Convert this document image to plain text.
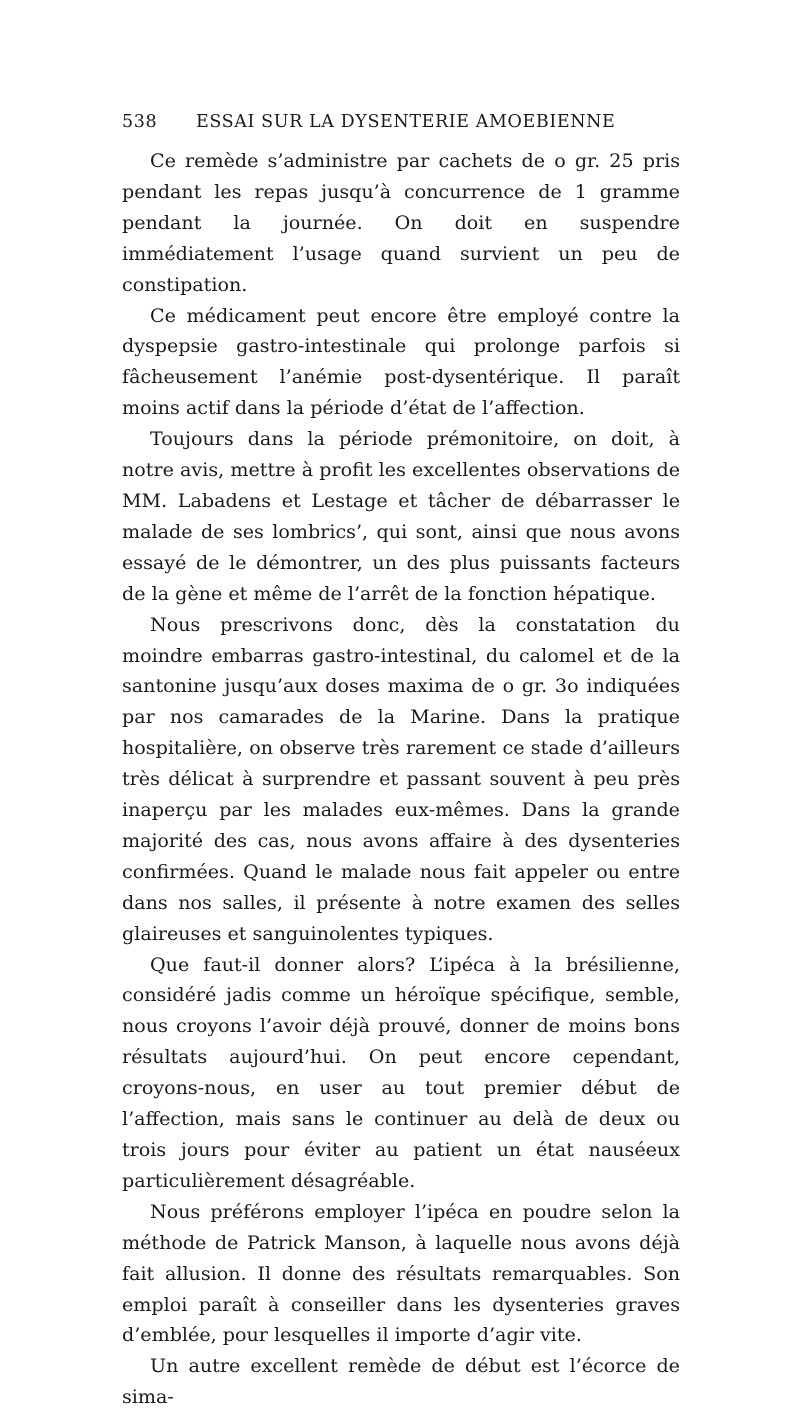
538	ESSAI SUR LA DYSENTERIE AMOEBIENNE

Ce remède s’administre par cachets de o gr. 25 pris pendant les repas jusqu’à concurrence de 1 gramme pendant la journée. On doit en suspendre immédiatement l’usage quand survient un peu de constipation.

Ce médicament peut encore être employé contre la dyspepsie gastro-intestinale qui prolonge parfois si fâcheusement l’anémie post-dysentérique. Il paraît moins actif dans la période d’état de l’affection.

Toujours dans la période prémonitoire, on doit, à notre avis, mettre à profit les excellentes observations de MM. Labadens et Lestage et tâcher de débarrasser le malade de ses lombrics’, qui sont, ainsi que nous avons essayé de le démontrer, un des plus puissants facteurs de la gène et même de l’arrêt de la fonction hépatique.

Nous prescrivons donc, dès la constatation du moindre embarras gastro-intestinal, du calomel et de la santonine jusqu’aux doses maxima de o gr. 3o indiquées par nos camarades de la Marine. Dans la pratique hospitalière, on observe très rarement ce stade d’ailleurs très délicat à surprendre et passant souvent à peu près inaperçu par les malades eux-mêmes. Dans la grande majorité des cas, nous avons affaire à des dysenteries confirmées. Quand le malade nous fait appeler ou entre dans nos salles, il présente à notre examen des selles glaireuses et sanguinolentes typiques.

Que faut-il donner alors? L’ipéca à la brésilienne, considéré jadis comme un héroïque spécifique, semble, nous croyons l’avoir déjà prouvé, donner de moins bons résultats aujourd’hui. On peut encore cependant, croyons-nous, en user au tout premier début de l’affection, mais sans le continuer au delà de deux ou trois jours pour éviter au patient un état nauséeux particulièrement désagréable.

Nous préférons employer l’ipéca en poudre selon la méthode de Patrick Manson, à laquelle nous avons déjà fait allusion. Il donne des résultats remarquables. Son emploi paraît à conseiller dans les dysenteries graves d’emblée, pour lesquelles il importe d’agir vite.

Un autre excellent remède de début est l’écorce de sima-
